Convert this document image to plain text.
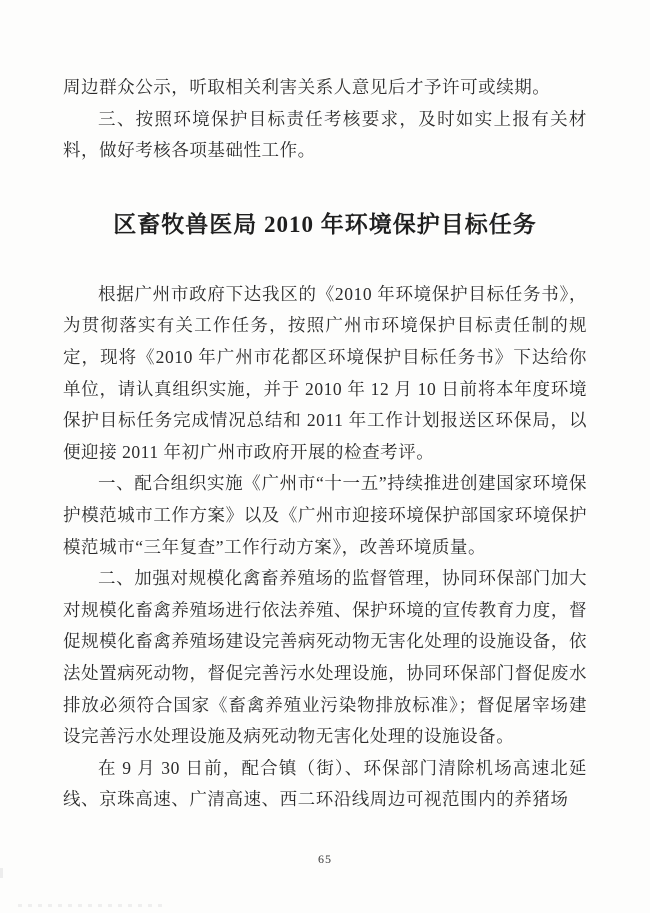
周边群众公示，听取相关利害关系人意见后才予许可或续期。

三、按照环境保护目标责任考核要求，及时如实上报有关材料，做好考核各项基础性工作。

区畜牧兽医局 2010 年环境保护目标任务

根据广州市政府下达我区的《2010 年环境保护目标任务书》，为贯彻落实有关工作任务，按照广州市环境保护目标责任制的规定，现将《2010 年广州市花都区环境保护目标任务书》下达给你单位，请认真组织实施，并于 2010 年 12 月 10 日前将本年度环境保护目标任务完成情况总结和 2011 年工作计划报送区环保局，以便迎接 2011 年初广州市政府开展的检查考评。

一、配合组织实施《广州市“十一五”持续推进创建国家环境保护模范城市工作方案》以及《广州市迎接环境保护部国家环境保护模范城市“三年复查”工作行动方案》，改善环境质量。

二、加强对规模化禽畜养殖场的监督管理，协同环保部门加大对规模化畜禽养殖场进行依法养殖、保护环境的宣传教育力度，督促规模化畜禽养殖场建设完善病死动物无害化处理的设施设备，依法处置病死动物，督促完善污水处理设施，协同环保部门督促废水排放必须符合国家《畜禽养殖业污染物排放标准》；督促屠宰场建设完善污水处理设施及病死动物无害化处理的设施设备。

在 9 月 30 日前，配合镇（街）、环保部门清除机场高速北延线、京珠高速、广清高速、西二环沿线周边可视范围内的养猪场

65
